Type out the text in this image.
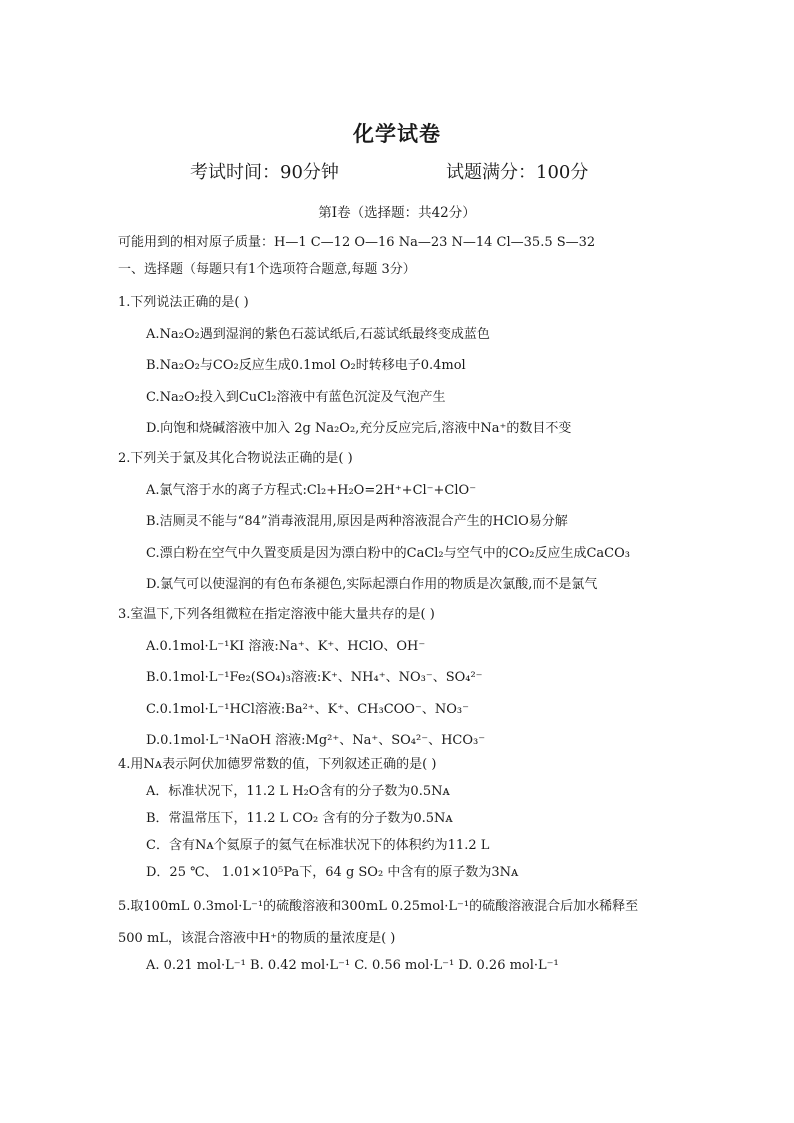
化学试卷
考试时间：90分钟	试题满分：100分
第I卷（选择题：共42分）
可能用到的相对原子质量：H—1 C—12 O—16 Na—23 N—14 Cl—35.5 S—32
一、选择题（每题只有1个选项符合题意,每题 3分）
1.下列说法正确的是( )
A.Na₂O₂遇到湿润的紫色石蕊试纸后,石蕊试纸最终变成蓝色
B.Na₂O₂与CO₂反应生成0.1mol O₂时转移电子0.4mol
C.Na₂O₂投入到CuCl₂溶液中有蓝色沉淀及气泡产生
D.向饱和烧碱溶液中加入 2g Na₂O₂,充分反应完后,溶液中Na⁺的数目不变
2.下列关于氯及其化合物说法正确的是( )
A.氯气溶于水的离子方程式:Cl₂+H₂O=2H⁺+Cl⁻+ClO⁻
B.洁厕灵不能与“84”消毒液混用,原因是两种溶液混合产生的HClO易分解
C.漂白粉在空气中久置变质是因为漂白粉中的CaCl₂与空气中的CO₂反应生成CaCO₃
D.氯气可以使湿润的有色布条褪色,实际起漂白作用的物质是次氯酸,而不是氯气
3.室温下,下列各组微粒在指定溶液中能大量共存的是( )
A.0.1mol·L⁻¹KI 溶液:Na⁺、K⁺、HClO、OH⁻
B.0.1mol·L⁻¹Fe₂(SO₄)₃溶液:K⁺、NH₄⁺、NO₃⁻、SO₄²⁻
C.0.1mol·L⁻¹HCl溶液:Ba²⁺、K⁺、CH₃COO⁻、NO₃⁻
D.0.1mol·L⁻¹NaOH 溶液:Mg²⁺、Na⁺、SO₄²⁻、HCO₃⁻
4.用Nᴀ表示阿伏加德罗常数的值，下列叙述正确的是( )
A．标准状况下，11.2 L H₂O含有的分子数为0.5Nᴀ
B．常温常压下，11.2 L CO₂ 含有的分子数为0.5Nᴀ
C．含有Nᴀ个氦原子的氦气在标准状况下的体积约为11.2 L
D．25 ℃、 1.01×10⁵Pa下，64 g SO₂ 中含有的原子数为3Nᴀ
5.取100mL 0.3mol·L⁻¹的硫酸溶液和300mL 0.25mol·L⁻¹的硫酸溶液混合后加水稀释至
500 mL，该混合溶液中H⁺的物质的量浓度是( )
A. 0.21 mol·L⁻¹ B. 0.42 mol·L⁻¹ C. 0.56 mol·L⁻¹ D. 0.26 mol·L⁻¹
